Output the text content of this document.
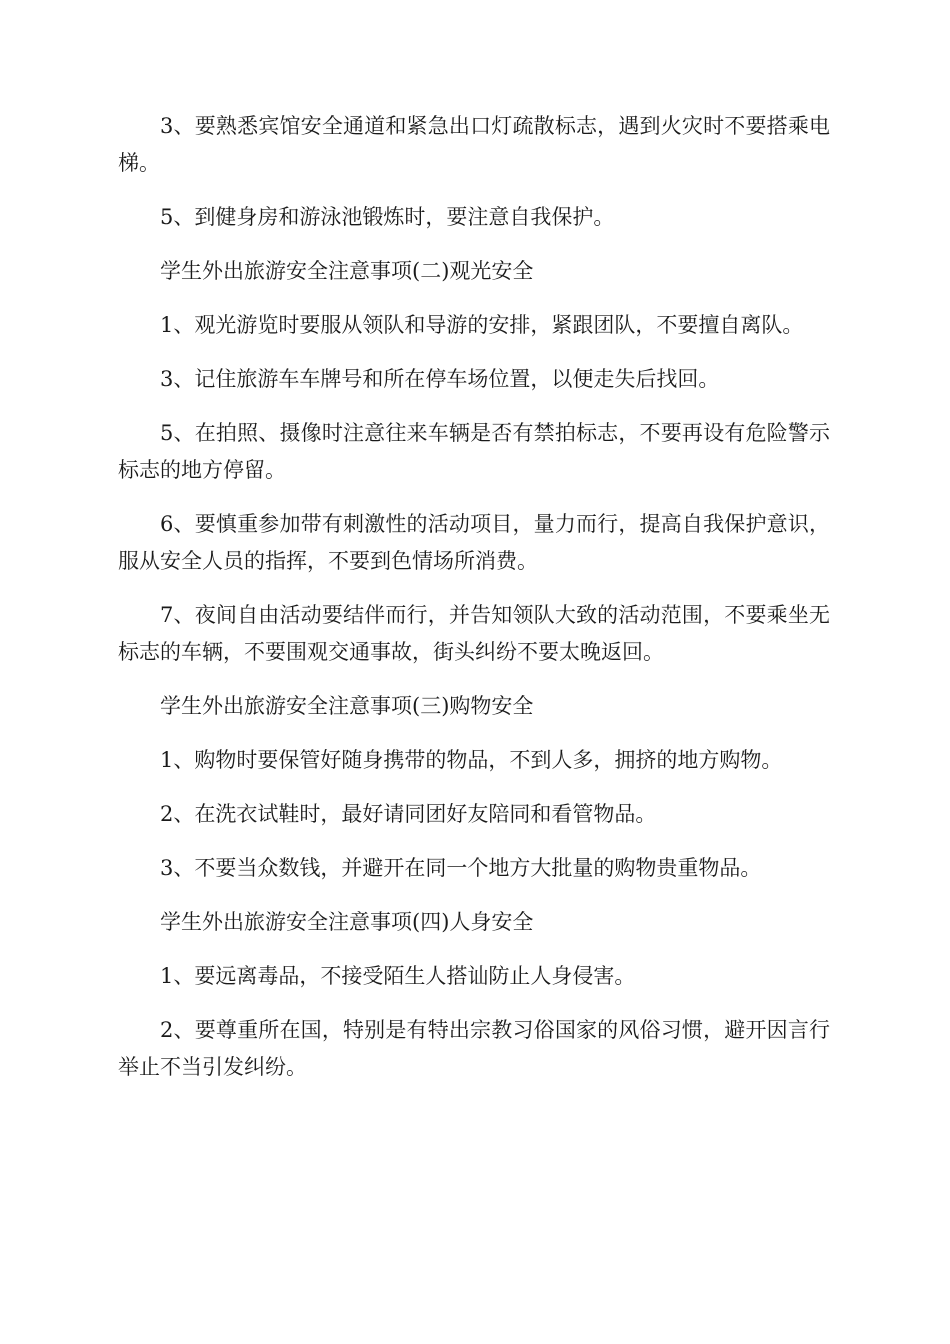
3、要熟悉宾馆安全通道和紧急出口灯疏散标志，遇到火灾时不要搭乘电梯。

5、到健身房和游泳池锻炼时，要注意自我保护。

学生外出旅游安全注意事项(二)观光安全

1、观光游览时要服从领队和导游的安排，紧跟团队，不要擅自离队。

3、记住旅游车车牌号和所在停车场位置，以便走失后找回。

5、在拍照、摄像时注意往来车辆是否有禁拍标志，不要再设有危险警示标志的地方停留。

6、要慎重参加带有刺激性的活动项目，量力而行，提高自我保护意识，服从安全人员的指挥，不要到色情场所消费。

7、夜间自由活动要结伴而行，并告知领队大致的活动范围，不要乘坐无标志的车辆，不要围观交通事故，街头纠纷不要太晚返回。

学生外出旅游安全注意事项(三)购物安全

1、购物时要保管好随身携带的物品，不到人多，拥挤的地方购物。

2、在洗衣试鞋时，最好请同团好友陪同和看管物品。

3、不要当众数钱，并避开在同一个地方大批量的购物贵重物品。

学生外出旅游安全注意事项(四)人身安全

1、要远离毒品，不接受陌生人搭讪防止人身侵害。

2、要尊重所在国，特别是有特出宗教习俗国家的风俗习惯，避开因言行举止不当引发纠纷。
